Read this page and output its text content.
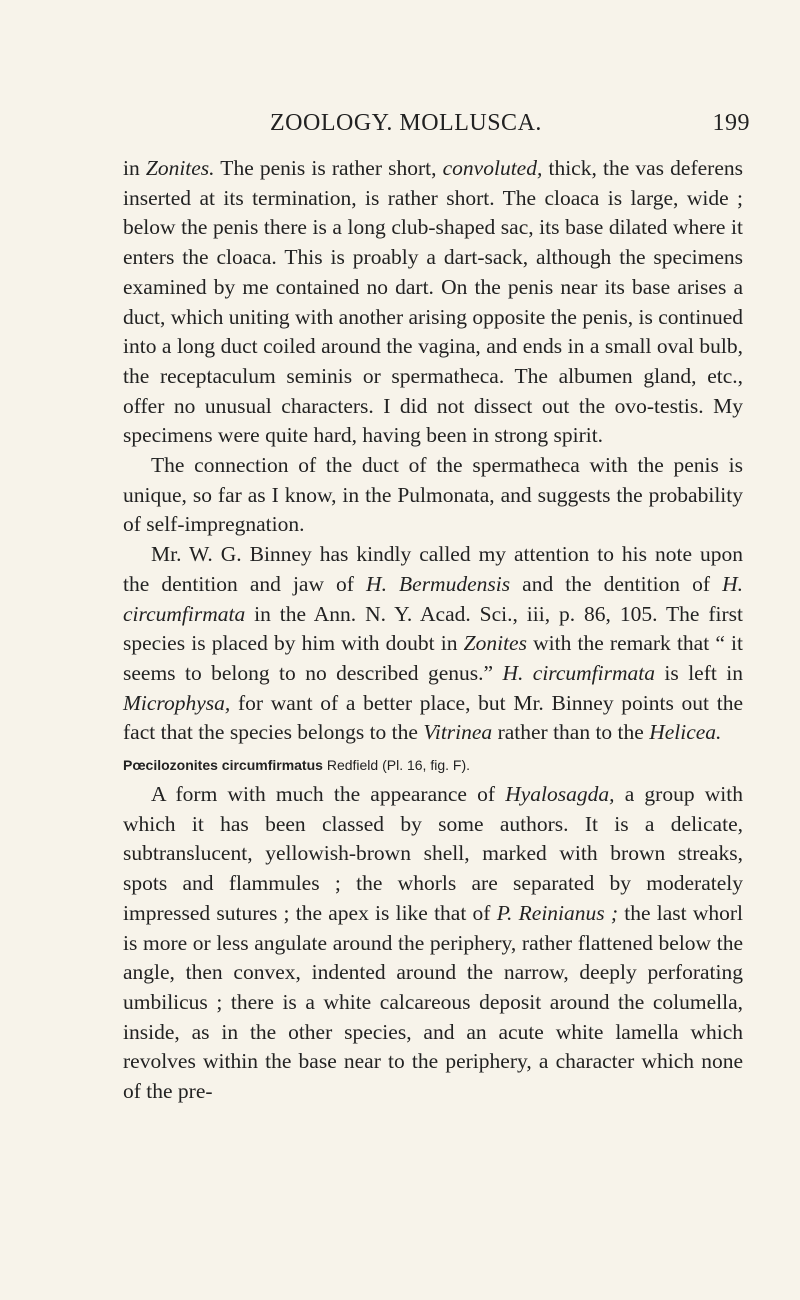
ZOOLOGY. MOLLUSCA.	199

in Zonites. The penis is rather short, convoluted, thick, the vas deferens inserted at its termination, is rather short. The cloaca is large, wide ; below the penis there is a long club-shaped sac, its base dilated where it enters the cloaca. This is proably a dart-sack, although the specimens examined by me contained no dart. On the penis near its base arises a duct, which uniting with another arising opposite the penis, is continued into a long duct coiled around the vagina, and ends in a small oval bulb, the receptaculum seminis or spermatheca. The albumen gland, etc., offer no unusual characters. I did not dissect out the ovo-testis. My specimens were quite hard, having been in strong spirit.

The connection of the duct of the spermatheca with the penis is unique, so far as I know, in the Pulmonata, and suggests the probability of self-impregnation.

Mr. W. G. Binney has kindly called my attention to his note upon the dentition and jaw of H. Bermudensis and the dentition of H. circumfirmata in the Ann. N. Y. Acad. Sci., iii, p. 86, 105. The first species is placed by him with doubt in Zonites with the remark that “ it seems to belong to no described genus.” H. circumfirmata is left in Microphysa, for want of a better place, but Mr. Binney points out the fact that the species belongs to the Vitrinea rather than to the Helicea.

Pœcilozonites circumfirmatus Redfield (Pl. 16, fig. F).

A form with much the appearance of Hyalosagda, a group with which it has been classed by some authors. It is a delicate, subtranslucent, yellowish-brown shell, marked with brown streaks, spots and flammules ; the whorls are separated by moderately impressed sutures ; the apex is like that of P. Reinianus ; the last whorl is more or less angulate around the periphery, rather flattened below the angle, then convex, indented around the narrow, deeply perforating umbilicus ; there is a white calcareous deposit around the columella, inside, as in the other species, and an acute white lamella which revolves within the base near to the periphery, a character which none of the pre-
